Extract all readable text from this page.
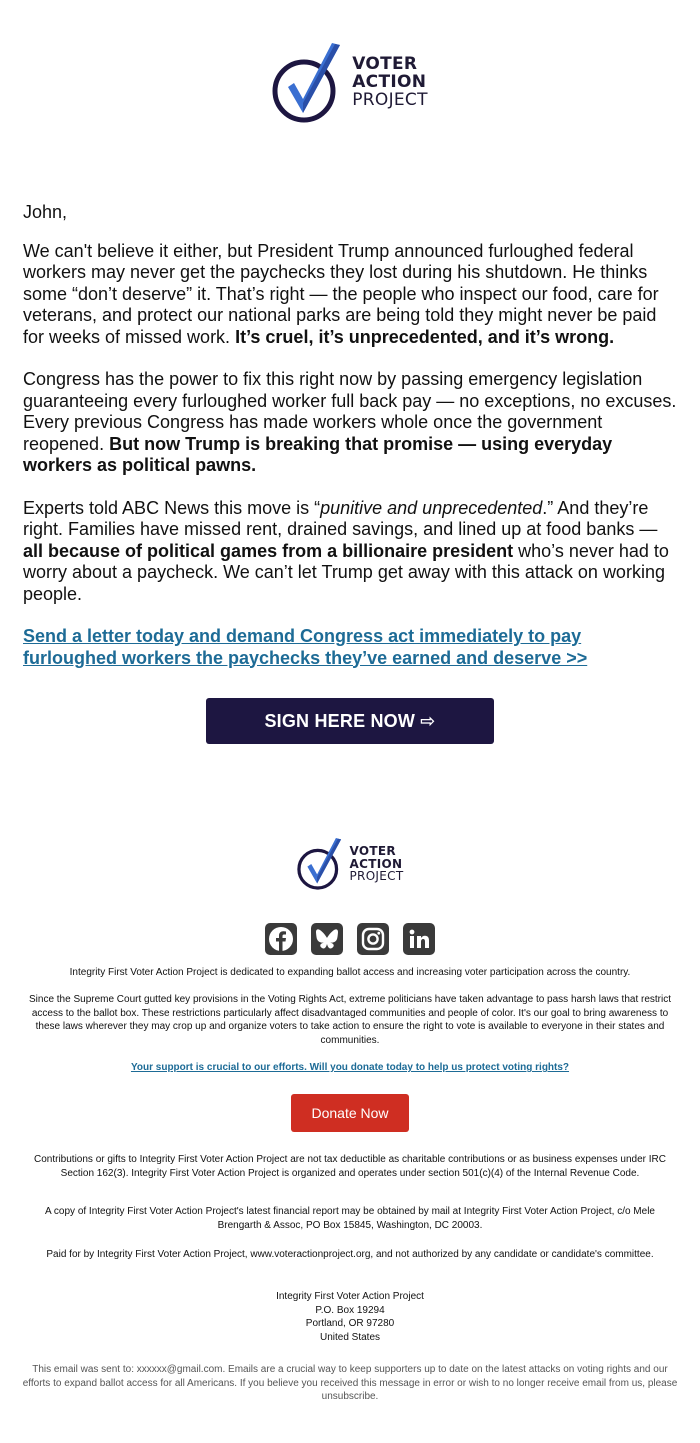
VOTER
ACTION
PROJECT

John,

We can't believe it either, but President Trump announced furloughed federal workers may never get the paychecks they lost during his shutdown. He thinks some “don’t deserve” it. That’s right — the people who inspect our food, care for veterans, and protect our national parks are being told they might never be paid for weeks of missed work. It’s cruel, it’s unprecedented, and it’s wrong.

Congress has the power to fix this right now by passing emergency legislation guaranteeing every furloughed worker full back pay — no exceptions, no excuses. Every previous Congress has made workers whole once the government reopened. But now Trump is breaking that promise — using everyday workers as political pawns.

Experts told ABC News this move is “punitive and unprecedented.” And they’re right. Families have missed rent, drained savings, and lined up at food banks — all because of political games from a billionaire president who’s never had to worry about a paycheck. We can’t let Trump get away with this attack on working people.

Send a letter today and demand Congress act immediately to pay furloughed workers the paychecks they’ve earned and deserve >>

SIGN HERE NOW ⇨
VOTER
ACTION
PROJECT
Integrity First Voter Action Project is dedicated to expanding ballot access and increasing voter participation across the country.
Since the Supreme Court gutted key provisions in the Voting Rights Act, extreme politicians have taken advantage to pass harsh laws that restrict access to the ballot box. These restrictions particularly affect disadvantaged communities and people of color. It's our goal to bring awareness to these laws wherever they may crop up and organize voters to take action to ensure the right to vote is available to everyone in their states and communities.
Your support is crucial to our efforts. Will you donate today to help us protect voting rights?
Donate Now
Contributions or gifts to Integrity First Voter Action Project are not tax deductible as charitable contributions or as business expenses under IRC Section 162(3). Integrity First Voter Action Project is organized and operates under section 501(c)(4) of the Internal Revenue Code.
A copy of Integrity First Voter Action Project's latest financial report may be obtained by mail at Integrity First Voter Action Project, c/o Mele Brengarth & Assoc, PO Box 15845, Washington, DC 20003.
Paid for by Integrity First Voter Action Project, www.voteractionproject.org, and not authorized by any candidate or candidate's committee.
Integrity First Voter Action Project
P.O. Box 19294
Portland, OR 97280
United States
This email was sent to: xxxxxx@gmail.com. Emails are a crucial way to keep supporters up to date on the latest attacks on voting rights and our efforts to expand ballot access for all Americans. If you believe you received this message in error or wish to no longer receive email from us, please unsubscribe.
